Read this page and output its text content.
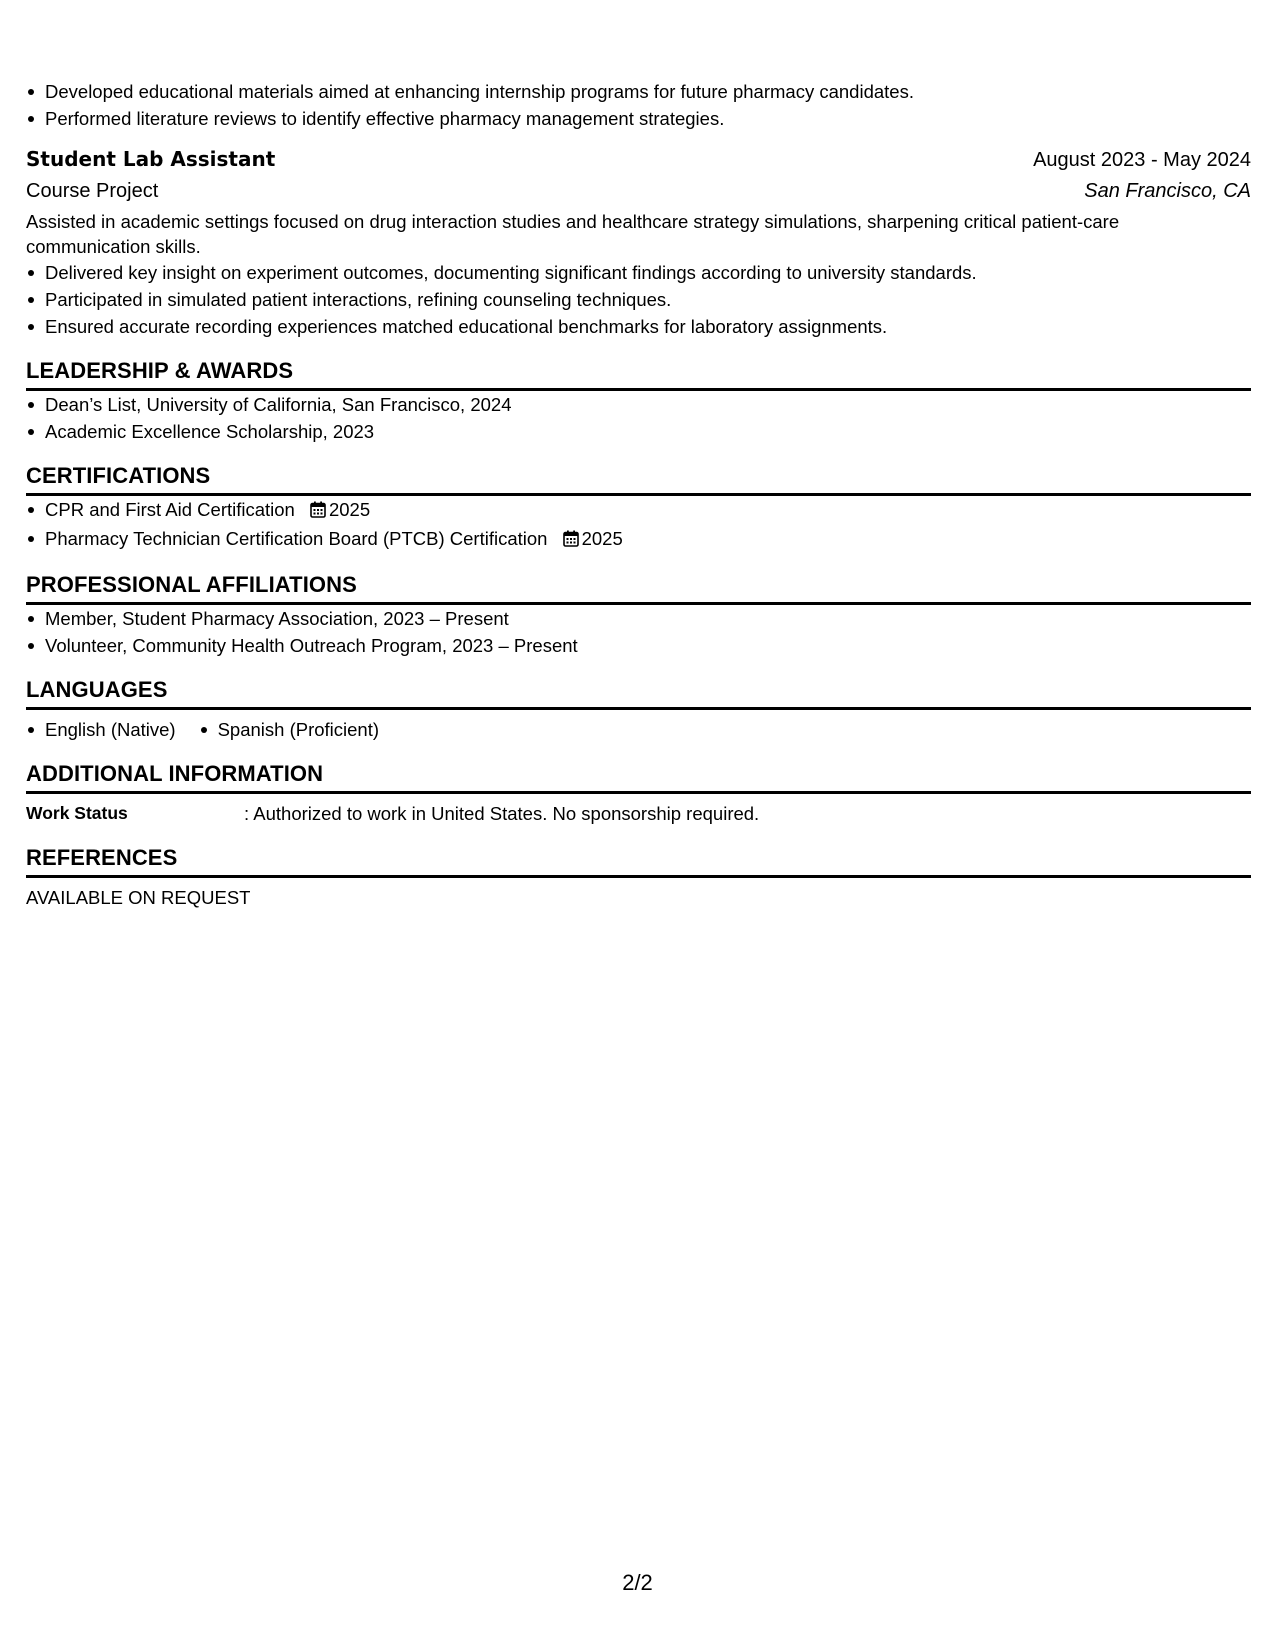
Developed educational materials aimed at enhancing internship programs for future pharmacy candidates.
Performed literature reviews to identify effective pharmacy management strategies.
Student Lab Assistant	August 2023 - May 2024
Course Project	San Francisco, CA
Assisted in academic settings focused on drug interaction studies and healthcare strategy simulations, sharpening critical patient-care communication skills.
Delivered key insight on experiment outcomes, documenting significant findings according to university standards.
Participated in simulated patient interactions, refining counseling techniques.
Ensured accurate recording experiences matched educational benchmarks for laboratory assignments.
LEADERSHIP & AWARDS
Dean’s List, University of California, San Francisco, 2024
Academic Excellence Scholarship, 2023
CERTIFICATIONS
CPR and First Aid Certification 2025
Pharmacy Technician Certification Board (PTCB) Certification 2025
PROFESSIONAL AFFILIATIONS
Member, Student Pharmacy Association, 2023 – Present
Volunteer, Community Health Outreach Program, 2023 – Present
LANGUAGES
English (Native) Spanish (Proficient)
ADDITIONAL INFORMATION
Work Status	: Authorized to work in United States. No sponsorship required.
REFERENCES
AVAILABLE ON REQUEST
2/2
